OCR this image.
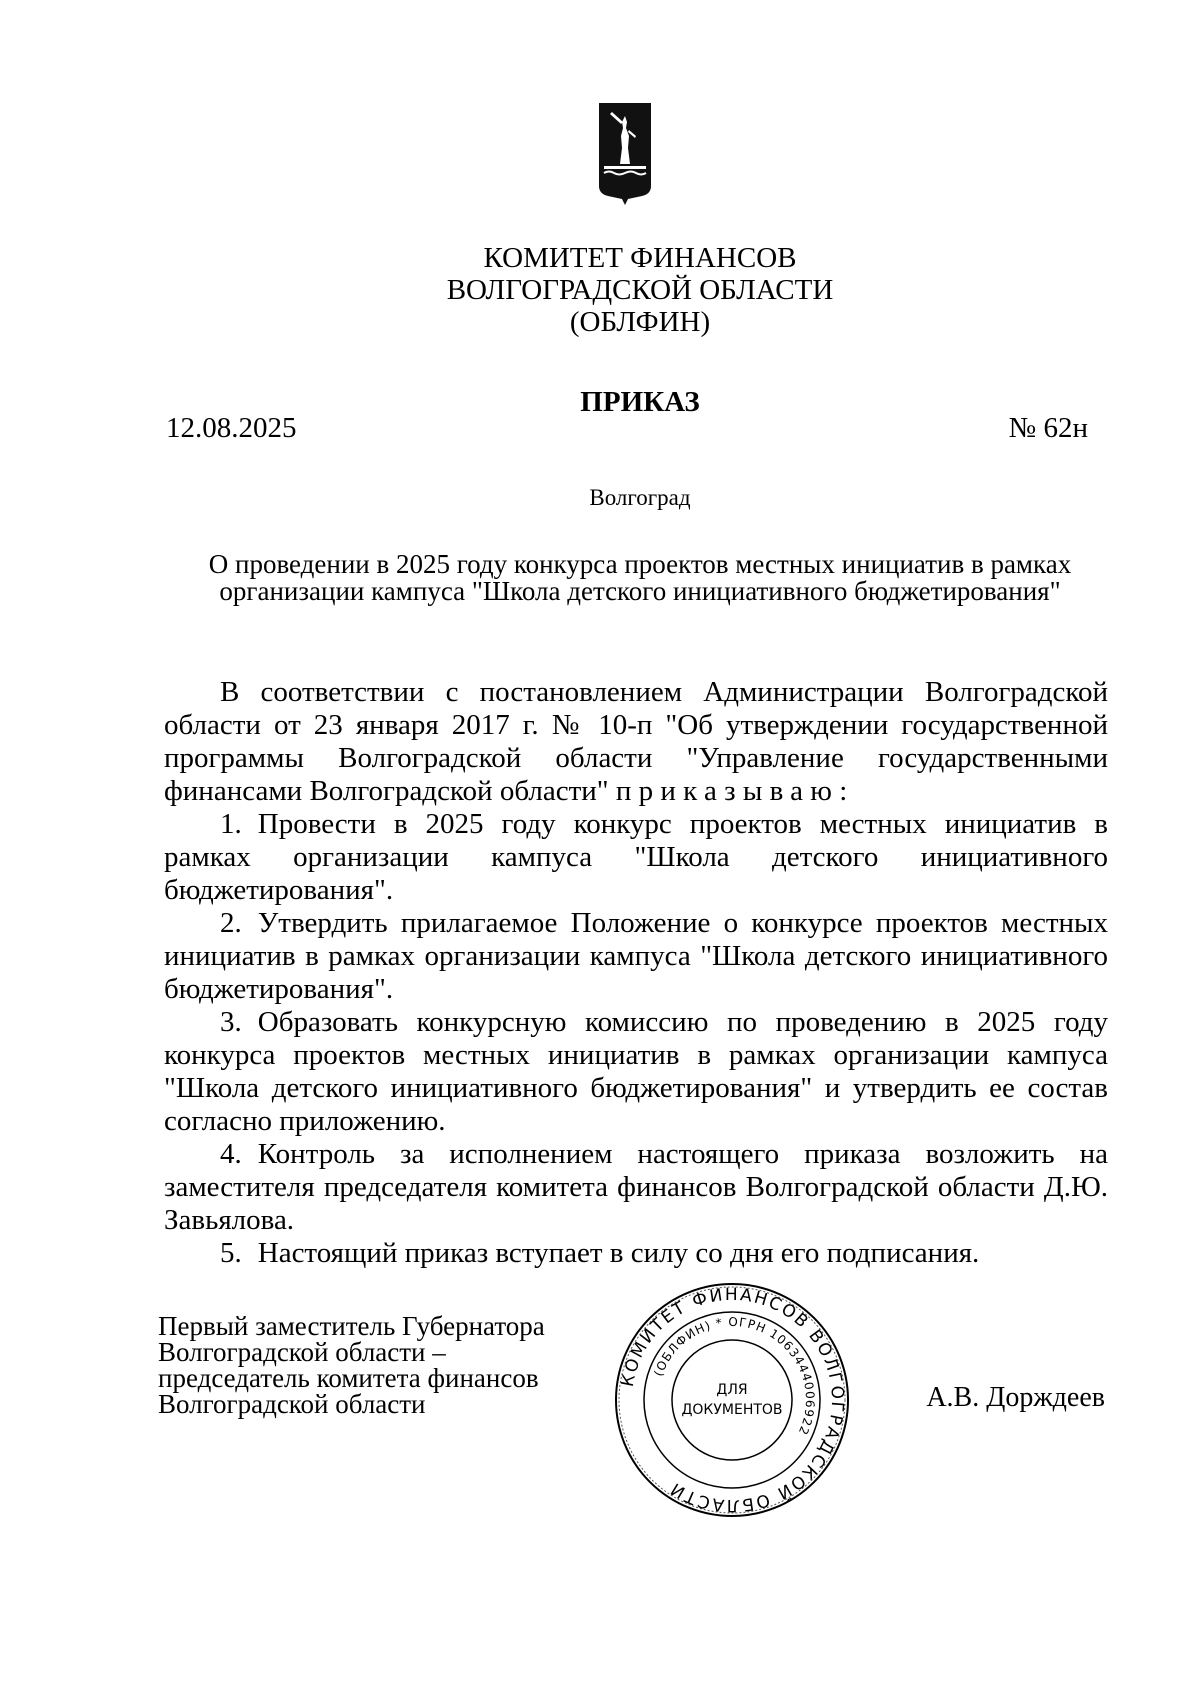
КОМИТЕТ ФИНАНСОВ
ВОЛГОГРАДСКОЙ ОБЛАСТИ
(ОБЛФИН)
ПРИКАЗ
12.08.2025	№ 62н
Волгоград
О проведении в 2025 году конкурса проектов местных инициатив в рамках организации кампуса "Школа детского инициативного бюджетирования"

В соответствии с постановлением Администрации Волгоградской области от 23 января 2017 г. № 10-п "Об утверждении государственной программы Волгоградской области "Управление государственными финансами Волгоградской области" приказываю:

1. Провести в 2025 году конкурс проектов местных инициатив в рамках организации кампуса "Школа детского инициативного бюджетирования".

2. Утвердить прилагаемое Положение о конкурсе проектов местных инициатив в рамках организации кампуса "Школа детского инициативного бюджетирования".

3. Образовать конкурсную комиссию по проведению в 2025 году конкурса проектов местных инициатив в рамках организации кампуса "Школа детского инициативного бюджетирования" и утвердить ее состав согласно приложению.

4. Контроль за исполнением настоящего приказа возложить на заместителя председателя комитета финансов Волгоградской области Д.Ю. Завьялова.

5. Настоящий приказ вступает в силу со дня его подписания.

Первый заместитель Губернатора
Волгоградской области –
председатель комитета финансов
Волгоградской области
КОМИТЕТ ФИНАНСОВ ВОЛГОГРАДСКОЙ ОБЛАСТИ
(ОБЛФИН) * ОГРН 1063444006922
ДЛЯ
ДОКУМЕНТОВ	А.В. Дорждеев
